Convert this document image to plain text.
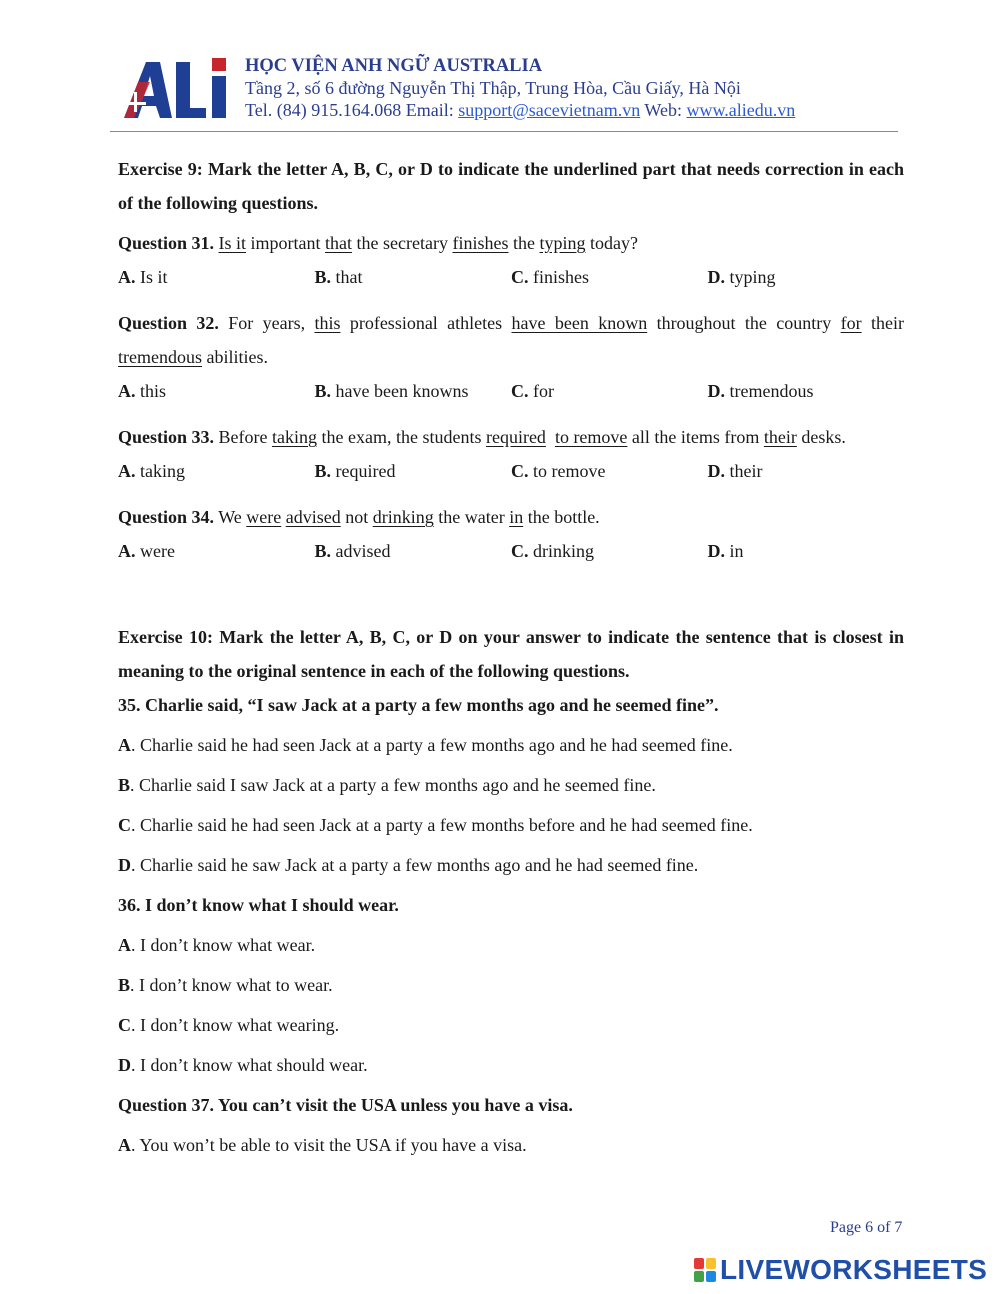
ALi
HỌC VIỆN ANH NGỮ AUSTRALIA
Tầng 2, số 6 đường Nguyễn Thị Thập, Trung Hòa, Cầu Giấy, Hà Nội
Tel. (84) 915.164.068 Email: support@sacevietnam.vn Web: www.aliedu.vn
Exercise 9: Mark the letter A, B, C, or D to indicate the underlined part that needs correction in each of the following questions.
Question 31. Is it important that the secretary finishes the typing today?
A. Is it	B. that	C. finishes	D. typing
Question 32. For years, this professional athletes have been known throughout the country for their tremendous abilities.
A. this	B. have been knowns	C. for	D. tremendous
Question 33. Before taking the exam, the students required to remove all the items from their desks.
A. taking	B. required	C. to remove	D. their
Question 34. We were advised not drinking the water in the bottle.
A. were	B. advised	C. drinking	D. in
Exercise 10: Mark the letter A, B, C, or D on your answer to indicate the sentence that is closest in meaning to the original sentence in each of the following questions.
35. Charlie said, “I saw Jack at a party a few months ago and he seemed fine”.
A. Charlie said he had seen Jack at a party a few months ago and he had seemed fine.
B. Charlie said I saw Jack at a party a few months ago and he seemed fine.
C. Charlie said he had seen Jack at a party a few months before and he had seemed fine.
D. Charlie said he saw Jack at a party a few months ago and he had seemed fine.
36. I don’t know what I should wear.
A. I don’t know what wear.
B. I don’t know what to wear.
C. I don’t know what wearing.
D. I don’t know what should wear.
Question 37. You can’t visit the USA unless you have a visa.
A. You won’t be able to visit the USA if you have a visa.
Page 6 of 7
LIVEWORKSHEETS
